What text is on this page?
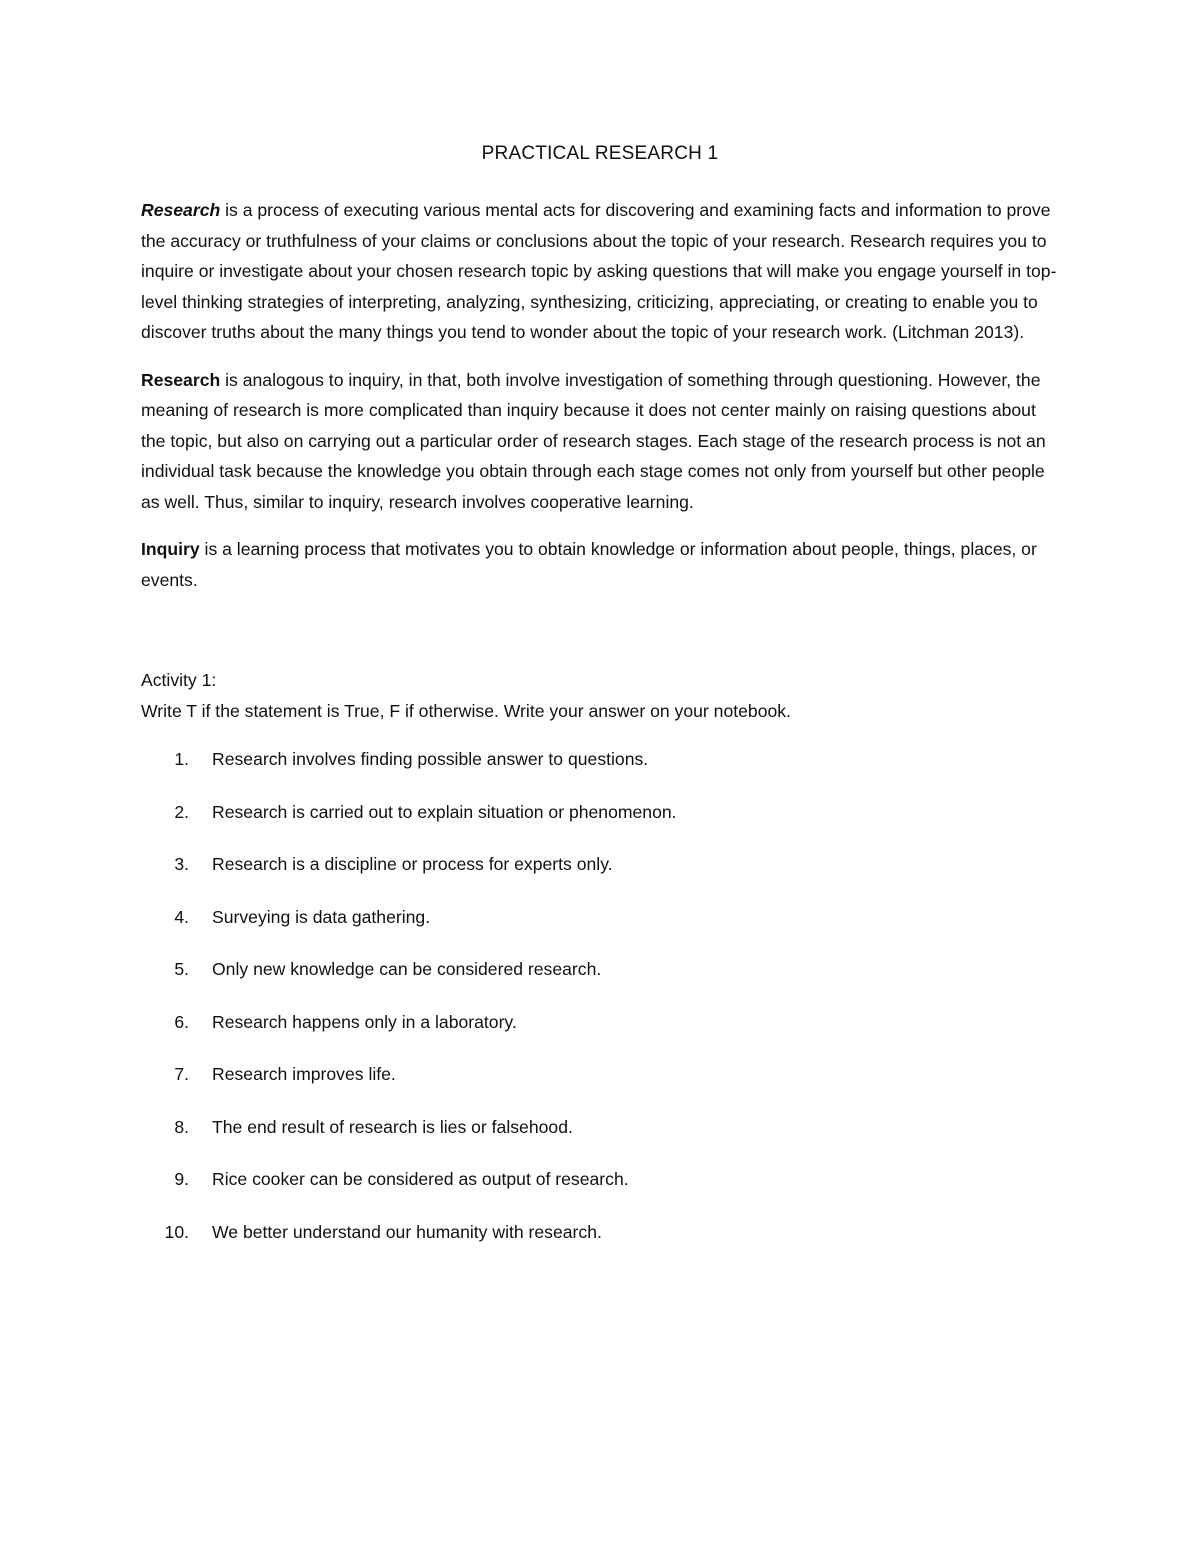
PRACTICAL RESEARCH 1

Research is a process of executing various mental acts for discovering and examining facts and information to prove the accuracy or truthfulness of your claims or conclusions about the topic of your research. Research requires you to inquire or investigate about your chosen research topic by asking questions that will make you engage yourself in top-level thinking strategies of interpreting, analyzing, synthesizing, criticizing, appreciating, or creating to enable you to discover truths about the many things you tend to wonder about the topic of your research work. (Litchman 2013).

Research is analogous to inquiry, in that, both involve investigation of something through questioning. However, the meaning of research is more complicated than inquiry because it does not center mainly on raising questions about the topic, but also on carrying out a particular order of research stages. Each stage of the research process is not an individual task because the knowledge you obtain through each stage comes not only from yourself but other people as well. Thus, similar to inquiry, research involves cooperative learning.

Inquiry is a learning process that motivates you to obtain knowledge or information about people, things, places, or events.

Activity 1:

Write T if the statement is True, F if otherwise. Write your answer on your notebook.

1. Research involves finding possible answer to questions.
2. Research is carried out to explain situation or phenomenon.
3. Research is a discipline or process for experts only.
4. Surveying is data gathering.
5. Only new knowledge can be considered research.
6. Research happens only in a laboratory.
7. Research improves life.
8. The end result of research is lies or falsehood.
9. Rice cooker can be considered as output of research.
10. We better understand our humanity with research.
